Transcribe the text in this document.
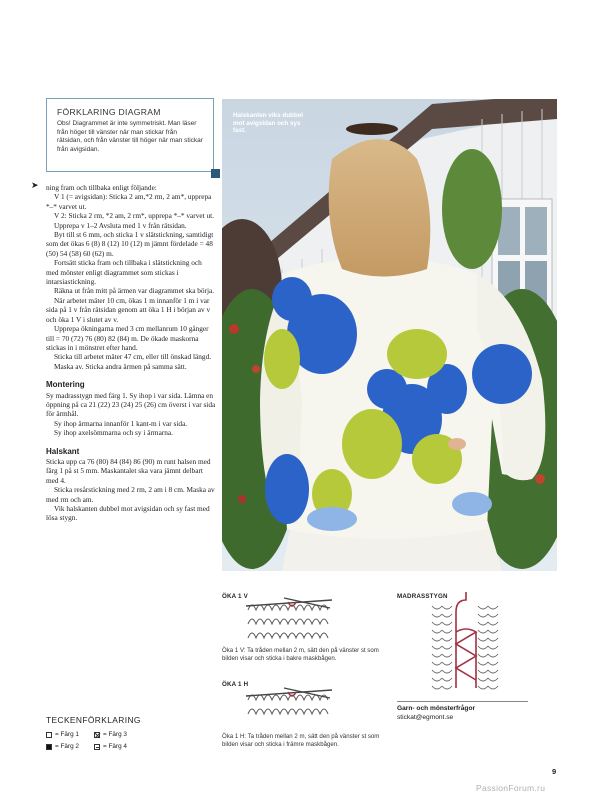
FÖRKLARING DIAGRAM

Obs! Diagrammet är inte symmetriskt. Man läser från höger till vänster när man stickar från rätsidan, och från vänster till höger när man stickar från avigsidan.

➤ ning fram och tillbaka enligt följande:

V 1 (= avigsidan): Sticka 2 am,*2 rm, 2 am*, upprepa *–* varvet ut.

V 2: Sticka 2 rm, *2 am, 2 rm*, upprepa *–* varvet ut.

Upprepa v 1–2 Avsluta med 1 v från rätsidan.

Byt till st 6 mm, och sticka 1 v slätstickning, samtidigt som det ökas 6 (8) 8 (12) 10 (12) m jämnt fördelade = 48 (50) 54 (58) 60 (62) m.

Fortsätt sticka fram och tillbaka i slätstickning och med mönster enligt diagrammet som stickas i intarsiastickning.

Räkna ut från mitt på ärmen var diagrammet ska börja.

När arbetet mäter 10 cm, ökas 1 m innanför 1 m i var sida på 1 v från rätsidan genom att öka 1 H i början av v och öka 1 V i slutet av v.

Upprepa ökningarna med 3 cm mellanrum 10 gånger till = 70 (72) 76 (80) 82 (84) m. De ökade maskorna stickas in i mönstret efter hand.

Sticka till arbetet mäter 47 cm, eller till önskad längd.

Maska av. Sticka andra ärmen på samma sätt.

Montering

Sy madrasstygn med färg 1. Sy ihop i var sida. Lämna en öppning på ca 21 (22) 23 (24) 25 (26) cm överst i var sida för ärmhål.

Sy ihop ärmarna innanför 1 kant-m i var sida.

Sy ihop axelsömmarna och sy i ärmarna.

Halskant

Sticka upp ca 76 (80) 84 (84) 86 (90) m runt halsen med färg 1 på st 5 mm. Maskantalet ska vara jämnt delbart med 4.

Sticka resårstickning med 2 rm, 2 am i 8 cm. Maska av med rm och am.

Vik halskanten dubbel mot avigsidan och sy fast med lösa stygn.

TECKENFÖRKLARING
= Färg 1	= Färg 3
= Färg 2	= Färg 4
Halskanten viks dubbel mot avigsidan och sys fast.
ÖKA 1 V
Öka 1 V: Ta tråden mellan 2 m, sätt den på vänster st som bilden visar och sticka i bakre maskbågen.
ÖKA 1 H
Öka 1 H: Ta tråden mellan 2 m, sätt den på vänster st som bilden visar och sticka i främre maskbågen.
MADRASSTYGN
Garn- och mönsterfrågor
stickat@egmont.se
9
PassionForum.ru
